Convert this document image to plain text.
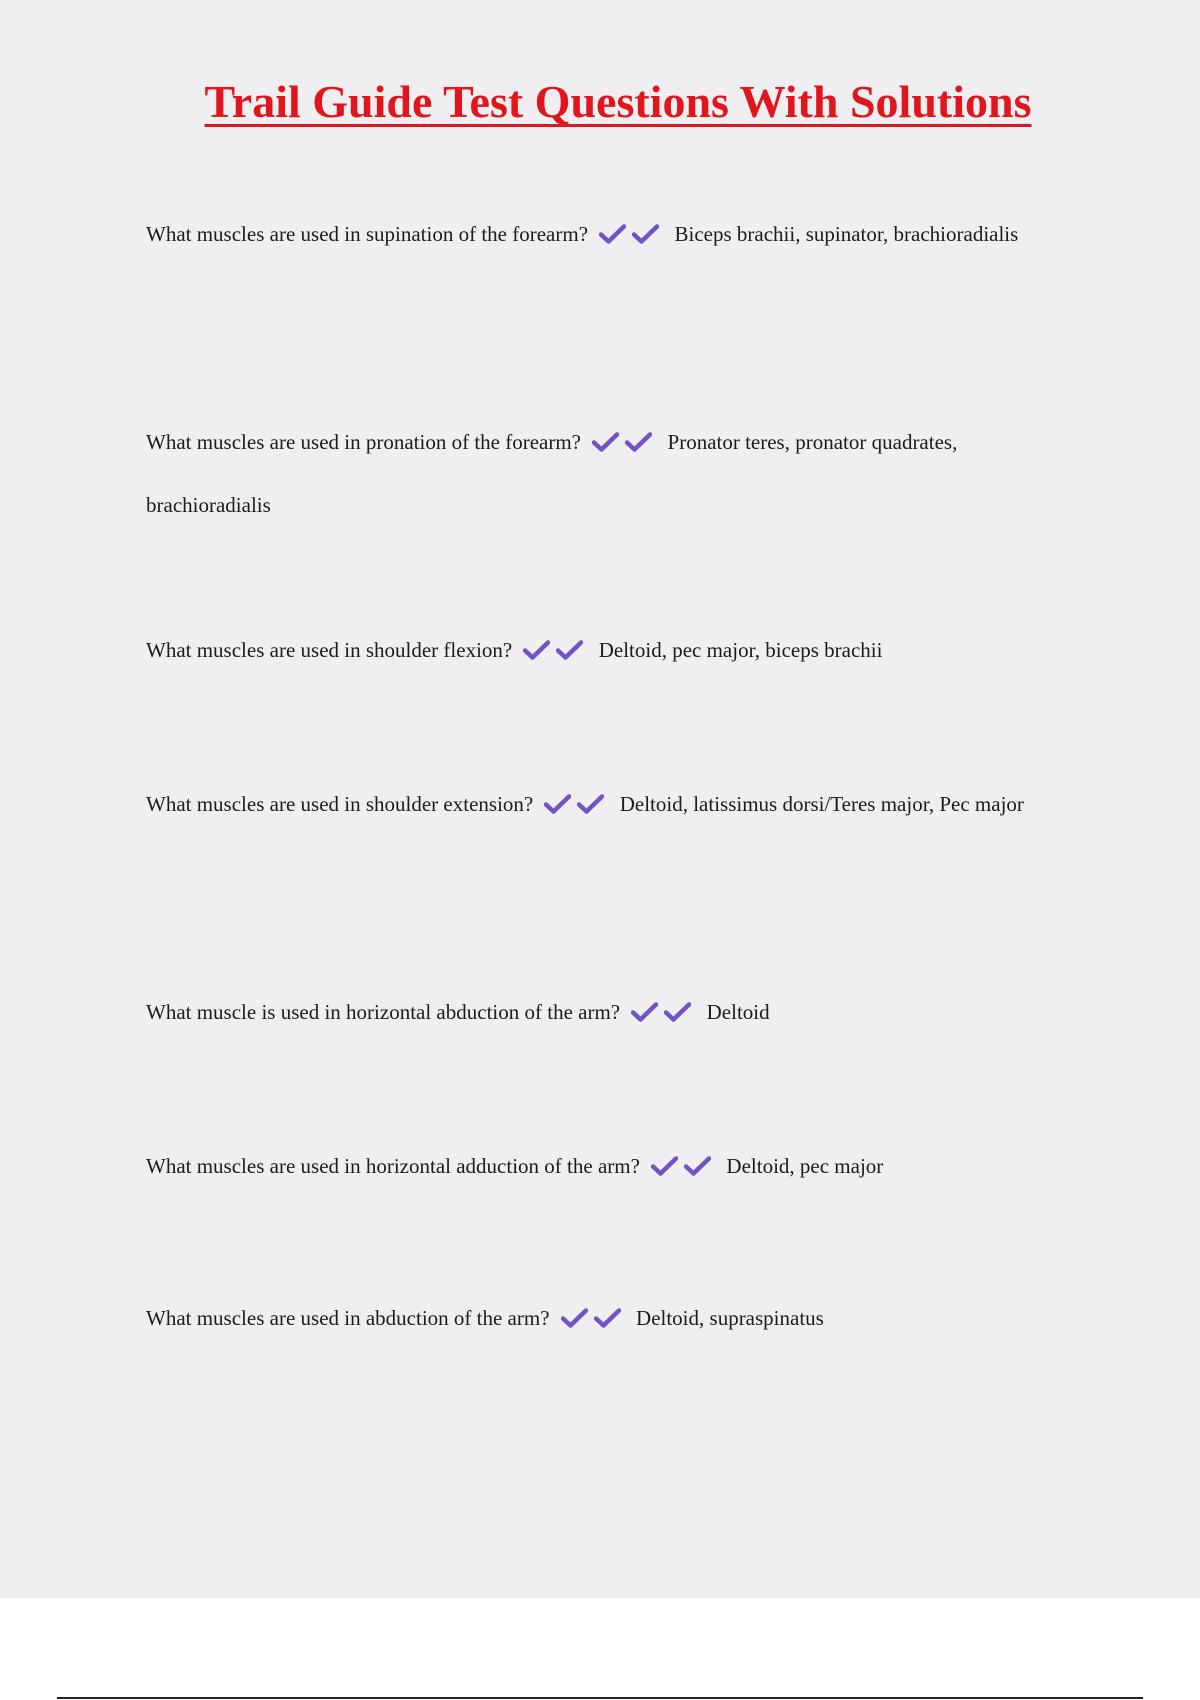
Trail Guide Test Questions With Solutions

What muscles are used in supination of the forearm?	Biceps brachii, supinator, brachioradialis

What muscles are used in pronation of the forearm?	Pronator teres, pronator quadrates, brachioradialis

What muscles are used in shoulder flexion?	Deltoid, pec major, biceps brachii

What muscles are used in shoulder extension?	Deltoid, latissimus dorsi/Teres major, Pec major

What muscle is used in horizontal abduction of the arm?	Deltoid

What muscles are used in horizontal adduction of the arm?	Deltoid, pec major

What muscles are used in abduction of the arm?	Deltoid, supraspinatus
